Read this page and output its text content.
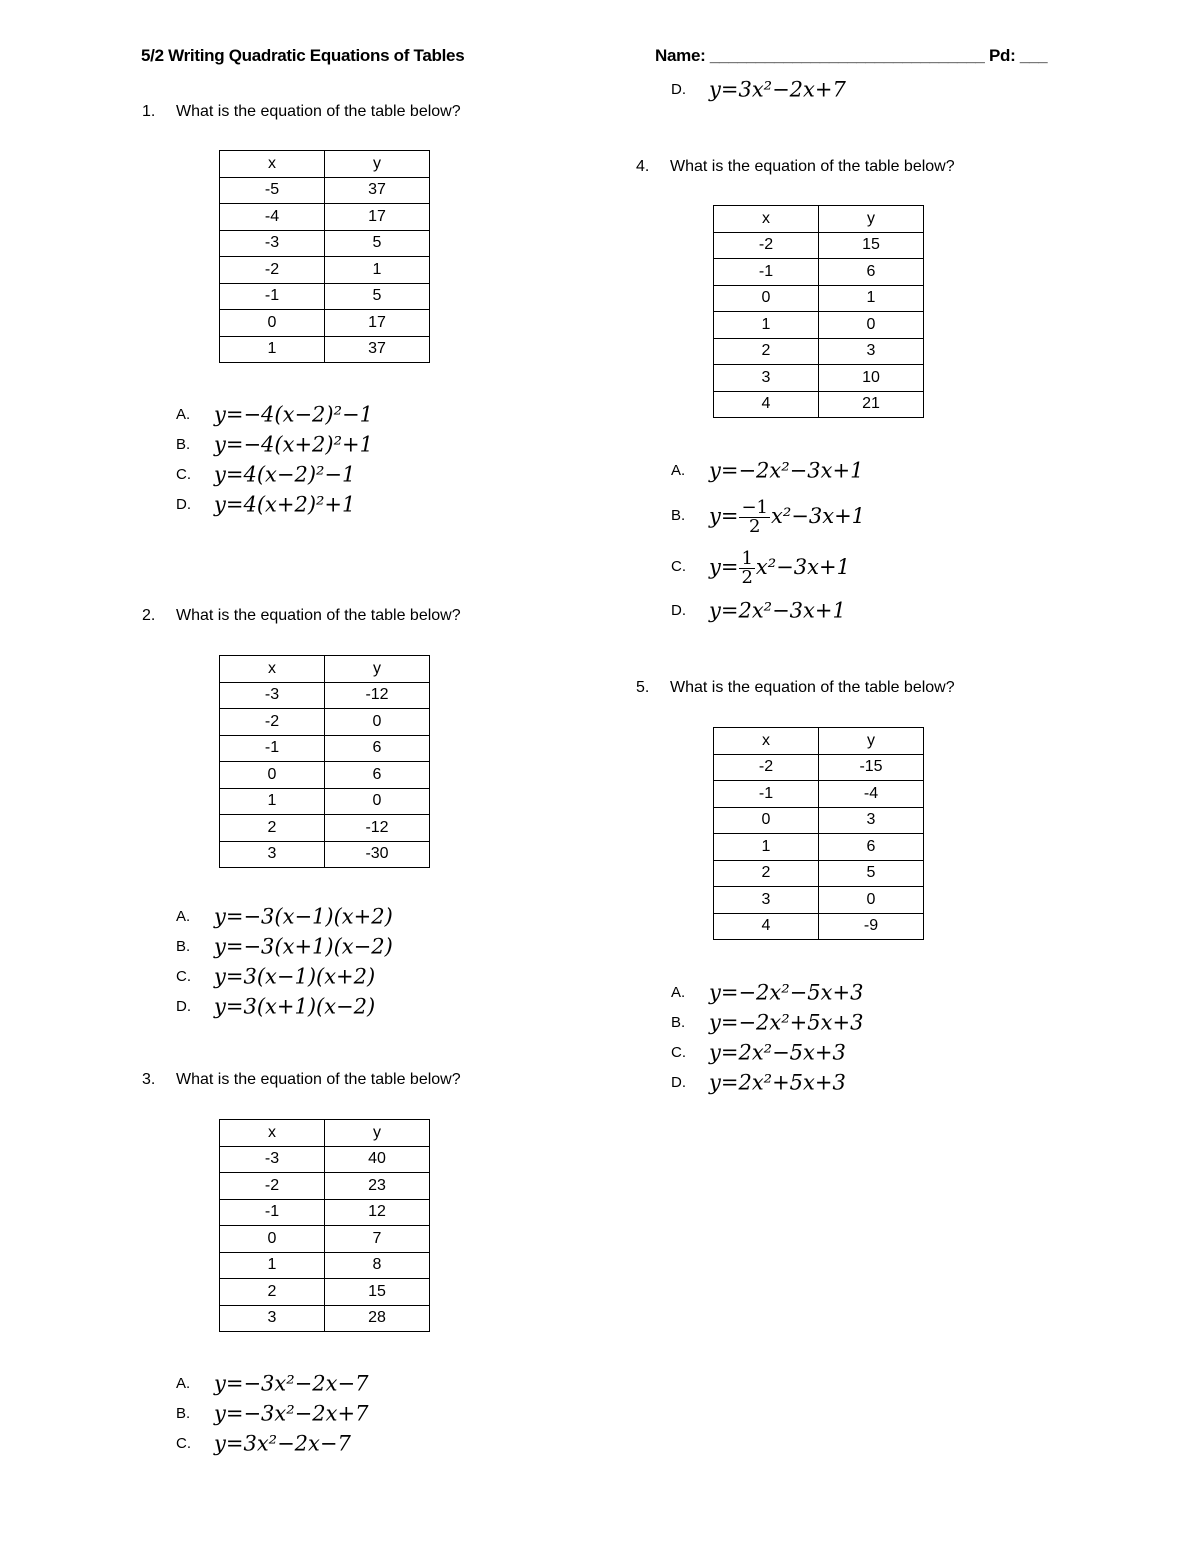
5/2 Writing Quadratic Equations of Tables	Name: ______________________________ Pd: ___
1. What is the equation of the table below?
x	y
-5	37
-4	17
-3	5
-2	1
-1	5
0	17
1	37
A. y=−4(x−2)²−1
B. y=−4(x+2)²+1
C. y=4(x−2)²−1
D. y=4(x+2)²+1
2. What is the equation of the table below?
x	y
-3	-12
-2	0
-1	6
0	6
1	0
2	-12
3	-30
A. y=−3(x−1)(x+2)
B. y=−3(x+1)(x−2)
C. y=3(x−1)(x+2)
D. y=3(x+1)(x−2)
3. What is the equation of the table below?
x	y
-3	40
-2	23
-1	12
0	7
1	8
2	15
3	28
A. y=−3x²−2x−7
B. y=−3x²−2x+7
C. y=3x²−2x−7
D. y=3x²−2x+7
4. What is the equation of the table below?
x	y
-2	15
-1	6
0	1
1	0
2	3
3	10
4	21
A. y=−2x²−3x+1
B. $y= \frac{-1}{2} x^2-3x+1$
C. $y= \frac{1}{2} x^2-3x+1$
D. y=2x²−3x+1
5. What is the equation of the table below?
x	y
-2	-15
-1	-4
0	3
1	6
2	5
3	0
4	-9
A. y=−2x²−5x+3
B. y=−2x²+5x+3
C. y=2x²−5x+3
D. y=2x²+5x+3
